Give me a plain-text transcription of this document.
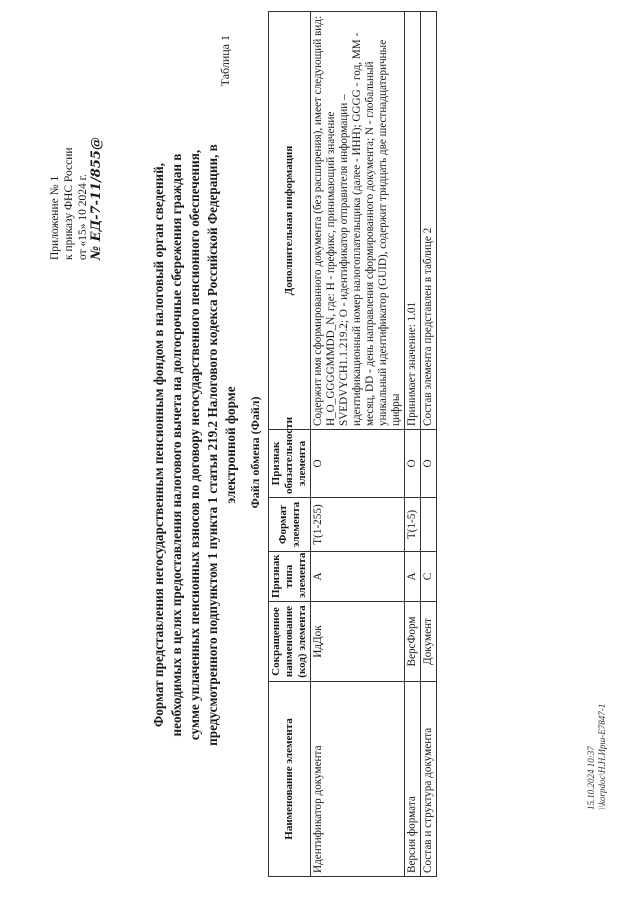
Приложение № 1 к приказу ФНС России от «15» 10 2024 г. № ЕД-7-11/855@	Формат представления негосударственным пенсионным фондом в налоговый орган сведений, необходимых в целях предоставления налогового вычета на долгосрочные сбережения граждан в сумме уплаченных пенсионных взносов по договору негосударственного пенсионного обеспечения, предусмотренного подпунктом 1 пункта 1 статьи 219.2 Налогового кодекса Российской Федерации, в электронной форме
Таблица 1
Файл обмена (Файл)
Наименование элемента	Сокращенное наименование (код) элемента	Признак типа элемента	Формат элемента	Признак обязательности элемента	Дополнительная информация
Идентификатор документа	ИдДок	А	T(1-255)	О	Содержит имя сформированного документа (без расширения), имеет следующий вид: H_O_GGGGMMDD_N, где: H - префикс, принимающий значение SVEDVYCH1.1.219.2; O - идентификатор отправителя информации – идентификационный номер налогоплательщика (далее - ИНН); GGGG - год, MM - месяц, DD - день направления сформированного документа; N - глобальный уникальный идентификатор (GUID), содержит тридцать две шестнадцатеричные цифры
Версия формата	ВерсФорм	А	T(1-5)	О	Принимает значение: 1.01
Состав и структура документа	Документ	С		О	Состав элемента представлен в таблице 2
15.10.2024 10:37 \\korpdoc\Н.Н.Ирш-Е7847-1
